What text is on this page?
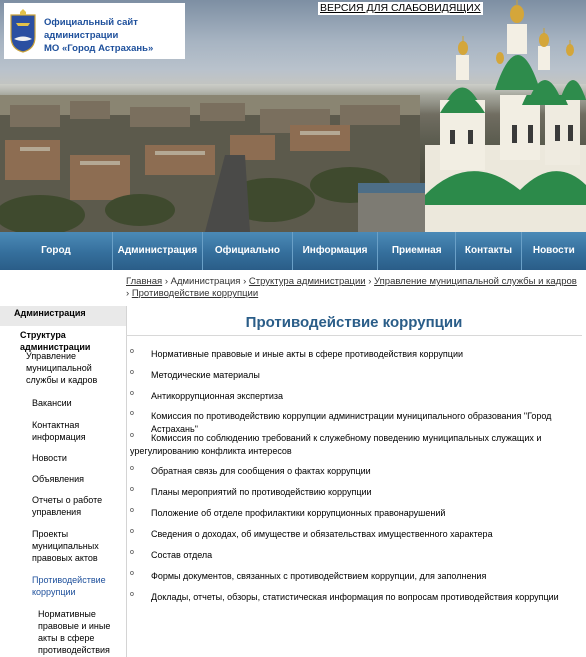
Официальный сайт администрации
МО «Город Астрахань»
ВЕРСИЯ ДЛЯ СЛАБОВИДЯЩИХ
Город	Администрация	Официально	Информация	Приемная	Контакты	Новости
Главная › Администрация › Структура администрации › Управление муниципальной службы и кадров › Противодействие коррупции
Администрация
Структура администрации
Управление муниципальной службы и кадров
Вакансии
Контактная информация
Новости
Объявления
Отчеты о работе управления
Проекты муниципальных правовых актов
Противодействие коррупции
Нормативные правовые и иные акты в сфере противодействия
Противодействие коррупции
о Нормативные правовые и иные акты в сфере противодействия коррупции
о Методические материалы
о Антикоррупционная экспертиза
о Комиссия по противодействию коррупции администрации муниципального образования "Город Астрахань"
о	Комиссия по соблюдению требований к служебному поведению муниципальных служащих и урегулированию конфликта интересов
о Обратная связь для сообщения о фактах коррупции
о Планы мероприятий по противодействию коррупции
о Положение об отделе профилактики коррупционных правонарушений
о Сведения о доходах, об имуществе и обязательствах имущественного характера
о Состав отдела
о Формы документов, связанных с противодействием коррупции, для заполнения
о Доклады, отчеты, обзоры, статистическая информация по вопросам противодействия коррупции
